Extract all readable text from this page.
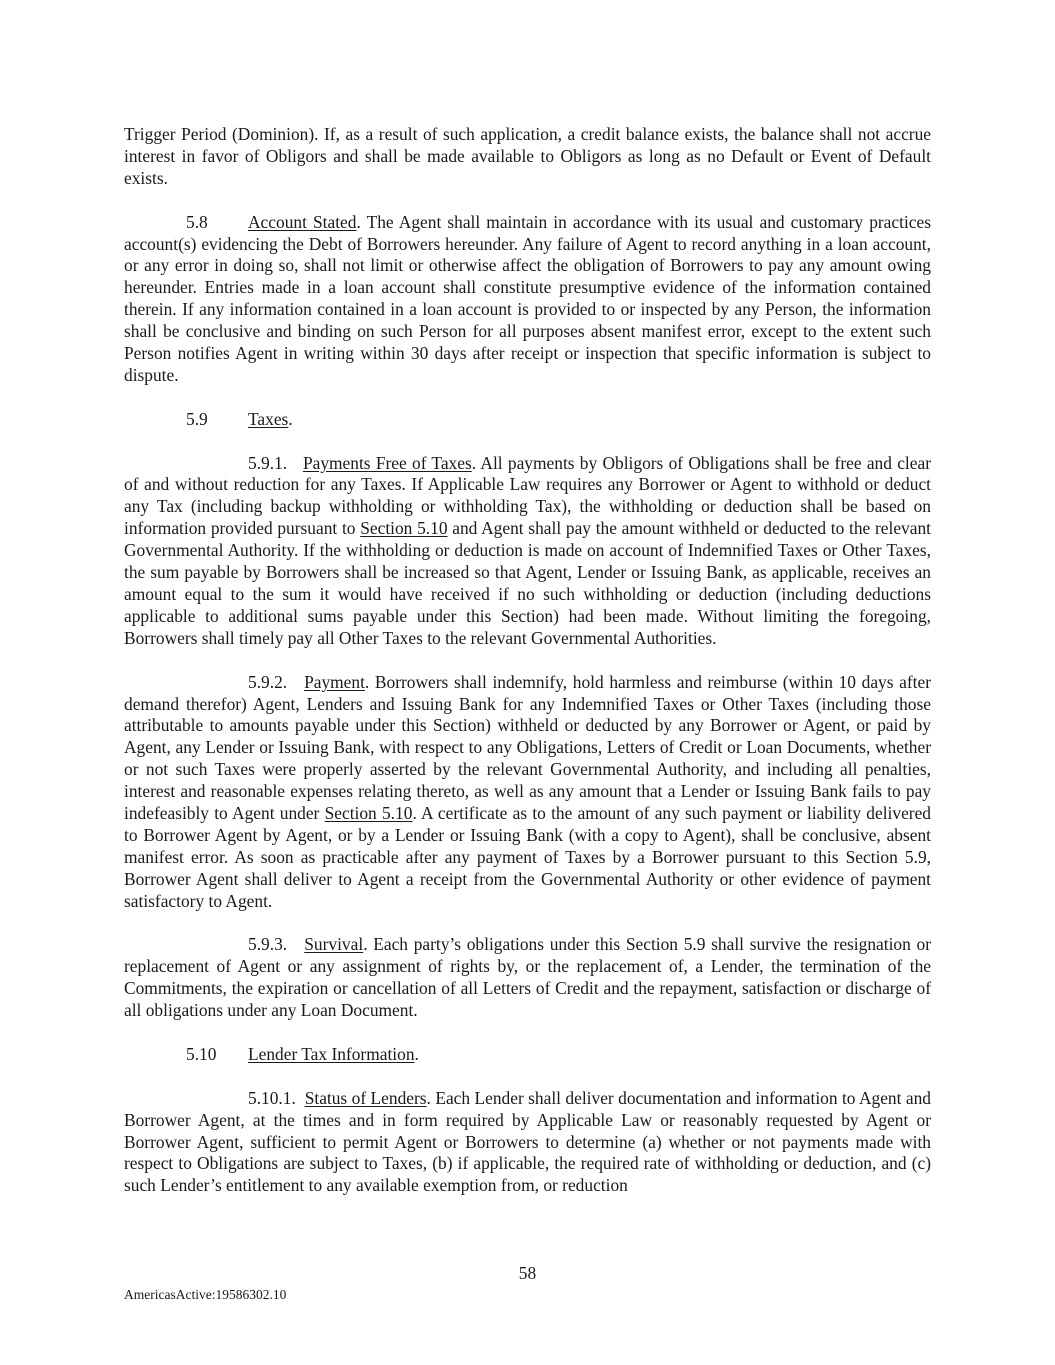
Trigger Period (Dominion). If, as a result of such application, a credit balance exists, the balance shall not accrue interest in favor of Obligors and shall be made available to Obligors as long as no Default or Event of Default exists.

5.8 Account Stated. The Agent shall maintain in accordance with its usual and customary practices account(s) evidencing the Debt of Borrowers hereunder. Any failure of Agent to record anything in a loan account, or any error in doing so, shall not limit or otherwise affect the obligation of Borrowers to pay any amount owing hereunder. Entries made in a loan account shall constitute presumptive evidence of the information contained therein. If any information contained in a loan account is provided to or inspected by any Person, the information shall be conclusive and binding on such Person for all purposes absent manifest error, except to the extent such Person notifies Agent in writing within 30 days after receipt or inspection that specific information is subject to dispute.

5.9 Taxes.

5.9.1. Payments Free of Taxes. All payments by Obligors of Obligations shall be free and clear of and without reduction for any Taxes. If Applicable Law requires any Borrower or Agent to withhold or deduct any Tax (including backup withholding or withholding Tax), the withholding or deduction shall be based on information provided pursuant to Section 5.10 and Agent shall pay the amount withheld or deducted to the relevant Governmental Authority. If the withholding or deduction is made on account of Indemnified Taxes or Other Taxes, the sum payable by Borrowers shall be increased so that Agent, Lender or Issuing Bank, as applicable, receives an amount equal to the sum it would have received if no such withholding or deduction (including deductions applicable to additional sums payable under this Section) had been made. Without limiting the foregoing, Borrowers shall timely pay all Other Taxes to the relevant Governmental Authorities.

5.9.2. Payment. Borrowers shall indemnify, hold harmless and reimburse (within 10 days after demand therefor) Agent, Lenders and Issuing Bank for any Indemnified Taxes or Other Taxes (including those attributable to amounts payable under this Section) withheld or deducted by any Borrower or Agent, or paid by Agent, any Lender or Issuing Bank, with respect to any Obligations, Letters of Credit or Loan Documents, whether or not such Taxes were properly asserted by the relevant Governmental Authority, and including all penalties, interest and reasonable expenses relating thereto, as well as any amount that a Lender or Issuing Bank fails to pay indefeasibly to Agent under Section 5.10. A certificate as to the amount of any such payment or liability delivered to Borrower Agent by Agent, or by a Lender or Issuing Bank (with a copy to Agent), shall be conclusive, absent manifest error. As soon as practicable after any payment of Taxes by a Borrower pursuant to this Section 5.9, Borrower Agent shall deliver to Agent a receipt from the Governmental Authority or other evidence of payment satisfactory to Agent.

5.9.3. Survival. Each party’s obligations under this Section 5.9 shall survive the resignation or replacement of Agent or any assignment of rights by, or the replacement of, a Lender, the termination of the Commitments, the expiration or cancellation of all Letters of Credit and the repayment, satisfaction or discharge of all obligations under any Loan Document.

5.10 Lender Tax Information.

5.10.1. Status of Lenders. Each Lender shall deliver documentation and information to Agent and Borrower Agent, at the times and in form required by Applicable Law or reasonably requested by Agent or Borrower Agent, sufficient to permit Agent or Borrowers to determine (a) whether or not payments made with respect to Obligations are subject to Taxes, (b) if applicable, the required rate of withholding or deduction, and (c) such Lender’s entitlement to any available exemption from, or reduction

58
AmericasActive:19586302.10
